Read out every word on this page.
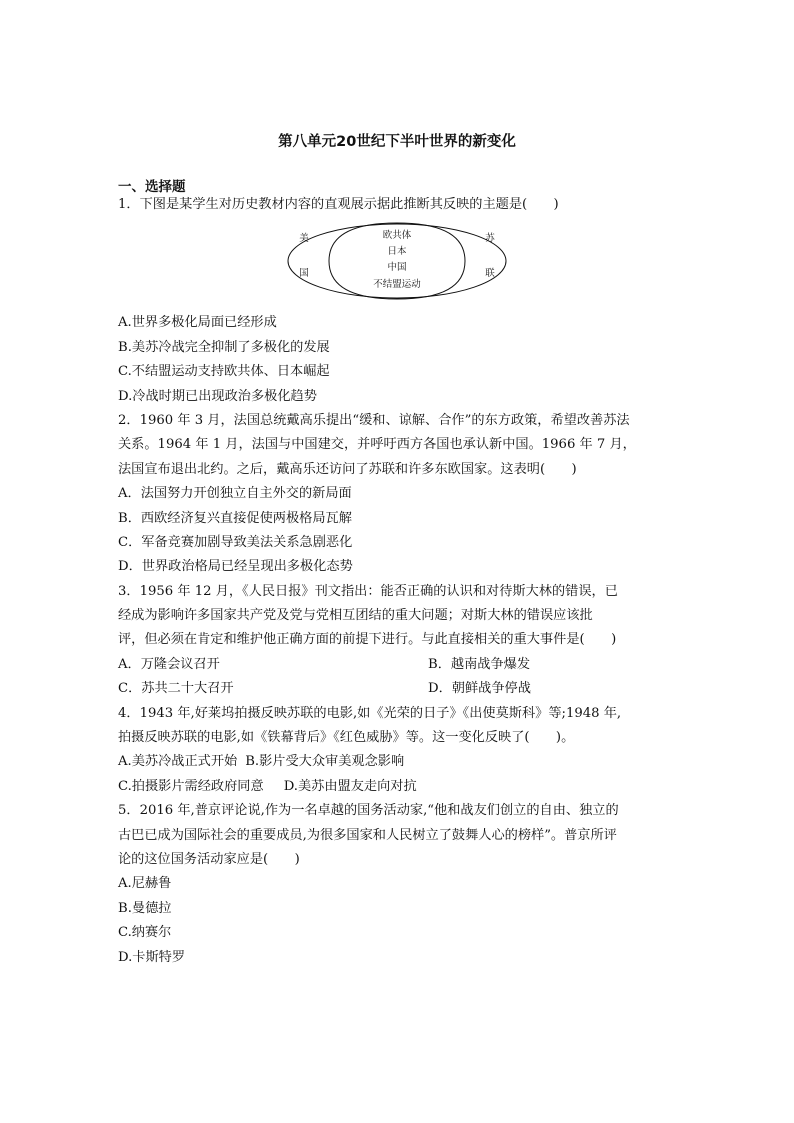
第八单元20世纪下半叶世界的新变化
一、选择题
1．下图是某学生对历史教材内容的直观展示据此推断其反映的主题是(　　)
美
国
苏
联
欧共体
日本
中国
不结盟运动
A.世界多极化局面已经形成
B.美苏冷战完全抑制了多极化的发展
C.不结盟运动支持欧共体、日本崛起
D.冷战时期已出现政治多极化趋势
2．1960 年 3 月，法国总统戴高乐提出“缓和、谅解、合作”的东方政策，希望改善苏法
关系。1964 年 1 月，法国与中国建交，并呼吁西方各国也承认新中国。1966 年 7 月，
法国宣布退出北约。之后，戴高乐还访问了苏联和许多东欧国家。这表明(　　)
A．法国努力开创独立自主外交的新局面
B．西欧经济复兴直接促使两极格局瓦解
C．军备竞赛加剧导致美法关系急剧恶化
D．世界政治格局已经呈现出多极化态势
3．1956 年 12 月，《人民日报》刊文指出：能否正确的认识和对待斯大林的错误，已
经成为影响许多国家共产党及党与党相互团结的重大问题；对斯大林的错误应该批
评，但必须在肯定和维护他正确方面的前提下进行。与此直接相关的重大事件是(　　)
A．万隆会议召开	B．越南战争爆发
C．苏共二十大召开	D．朝鲜战争停战
4．1943 年,好莱坞拍摄反映苏联的电影,如《光荣的日子》《出使莫斯科》等;1948 年,
拍摄反映苏联的电影,如《铁幕背后》《红色威胁》等。这一变化反映了(　　)。
A.美苏冷战正式开始 B.影片受大众审美观念影响
C.拍摄影片需经政府同意 D.美苏由盟友走向对抗
5．2016 年,普京评论说,作为一名卓越的国务活动家,“他和战友们创立的自由、独立的
古巴已成为国际社会的重要成员,为很多国家和人民树立了鼓舞人心的榜样”。普京所评
论的这位国务活动家应是(　　)
A.尼赫鲁
B.曼德拉
C.纳赛尔
D.卡斯特罗
